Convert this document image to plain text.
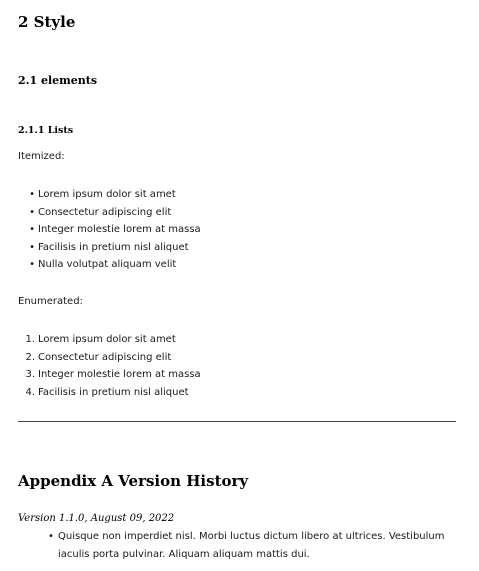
2 Style
2.1 elements
2.1.1 Lists

Itemized:

• Lorem ipsum dolor sit amet
• Consectetur adipiscing elit
• Integer molestie lorem at massa
• Facilisis in pretium nisl aliquet
• Nulla volutpat aliquam velit

Enumerated:

1. Lorem ipsum dolor sit amet
2. Consectetur adipiscing elit
3. Integer molestie lorem at massa
4. Facilisis in pretium nisl aliquet
Appendix A Version History

Version 1.1.0, August 09, 2022

• Quisque non imperdiet nisl. Morbi luctus dictum libero at ultrices. Vestibulum iaculis porta pulvinar. Aliquam aliquam mattis dui.
